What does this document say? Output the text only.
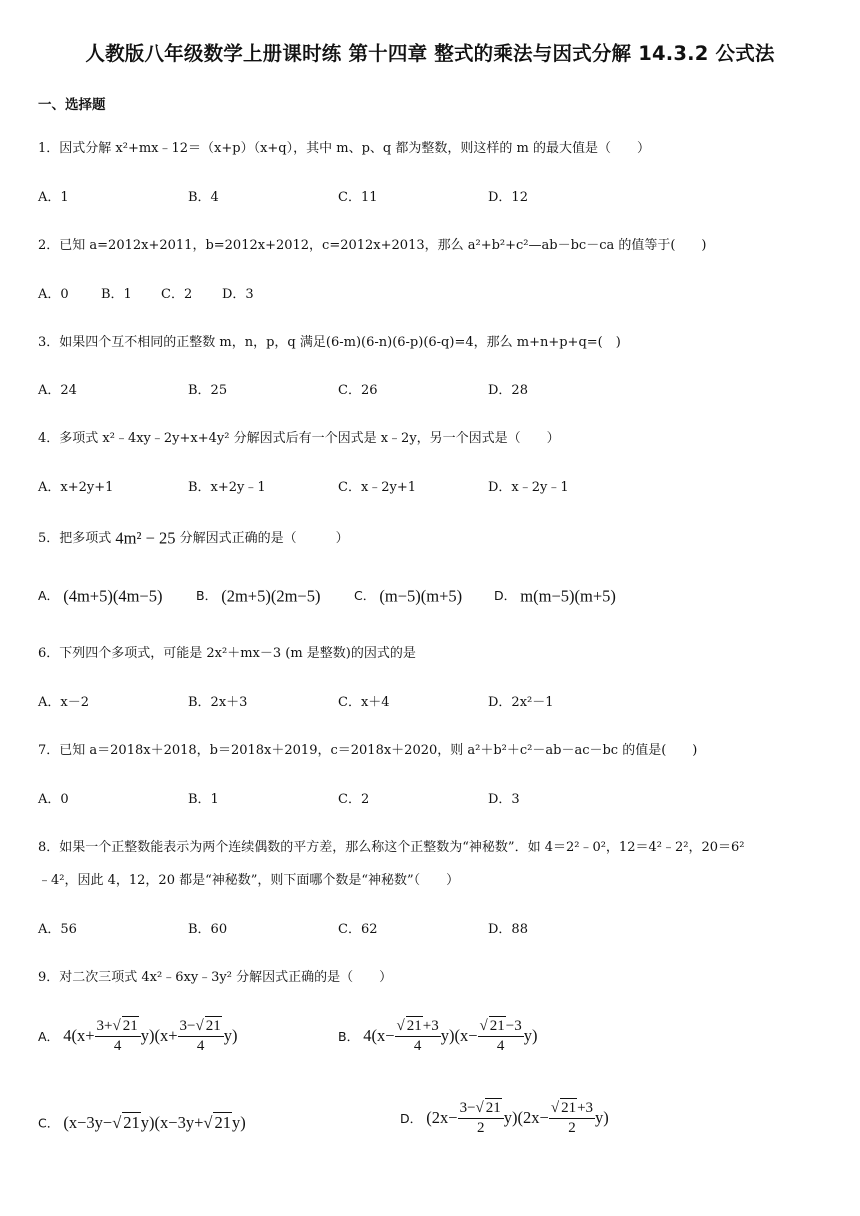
人教版八年级数学上册课时练 第十四章 整式的乘法与因式分解 14.3.2 公式法
一、选择题
1．因式分解 x²+mx﹣12＝（x+p）（x+q），其中 m、p、q 都为整数，则这样的 m 的最大值是（　　）
A．1	B．4	C．11	D．12
2．已知 a=2012x+2011，b=2012x+2012，c=2012x+2013，那么 a²+b²+c²—ab－bc－ca 的值等于(　　)
A．0 B．1 C．2 D．3
3．如果四个互不相同的正整数 m，n，p，q 满足(6-m)(6-n)(6-p)(6-q)=4，那么 m+n+p+q=(　)
A．24	B．25	C．26	D．28
4．多项式 x²﹣4xy﹣2y+x+4y² 分解因式后有一个因式是 x﹣2y，另一个因式是（　　）
A．x+2y+1	B．x+2y﹣1	C．x﹣2y+1	D．x﹣2y﹣1
5．把多项式 4m² − 25 分解因式正确的是（　　　）
A． (4m+5)(4m−5)	B． (2m+5)(2m−5)	C． (m−5)(m+5)	D． m(m−5)(m+5)
6．下列四个多项式，可能是 2x²＋mx－3 (m 是整数)的因式的是
A．x－2	B．2x＋3	C．x＋4	D．2x²－1
7．已知 a＝2018x＋2018，b＝2018x＋2019，c＝2018x＋2020，则 a²＋b²＋c²－ab－ac－bc 的值是(　　)
A．0	B．1	C．2	D．3
8．如果一个正整数能表示为两个连续偶数的平方差，那么称这个正整数为“神秘数”．如 4＝2²﹣0²，12＝4²﹣2²，20＝6²
﹣4²，因此 4，12，20 都是“神秘数”，则下面哪个数是“神秘数”（　　）
A．56	B．60	C．62	D．88
9．对二次三项式 4x²﹣6xy﹣3y² 分解因式正确的是（　　）
A． $4(x+ \frac{3+√ 21}{4} y)(x+ \frac{3-√ 21}{4} y)$	B． $4(x- \frac{√ 21+3}{4} y)(x- \frac{√ 21-3}{4} y)$
C． (x−3y−√ 21y)(x−3y+√ 21y)	D． $(2x- \frac{3-√ 21}{2} y)(2x- \frac{√ 21+3}{2} y)$
